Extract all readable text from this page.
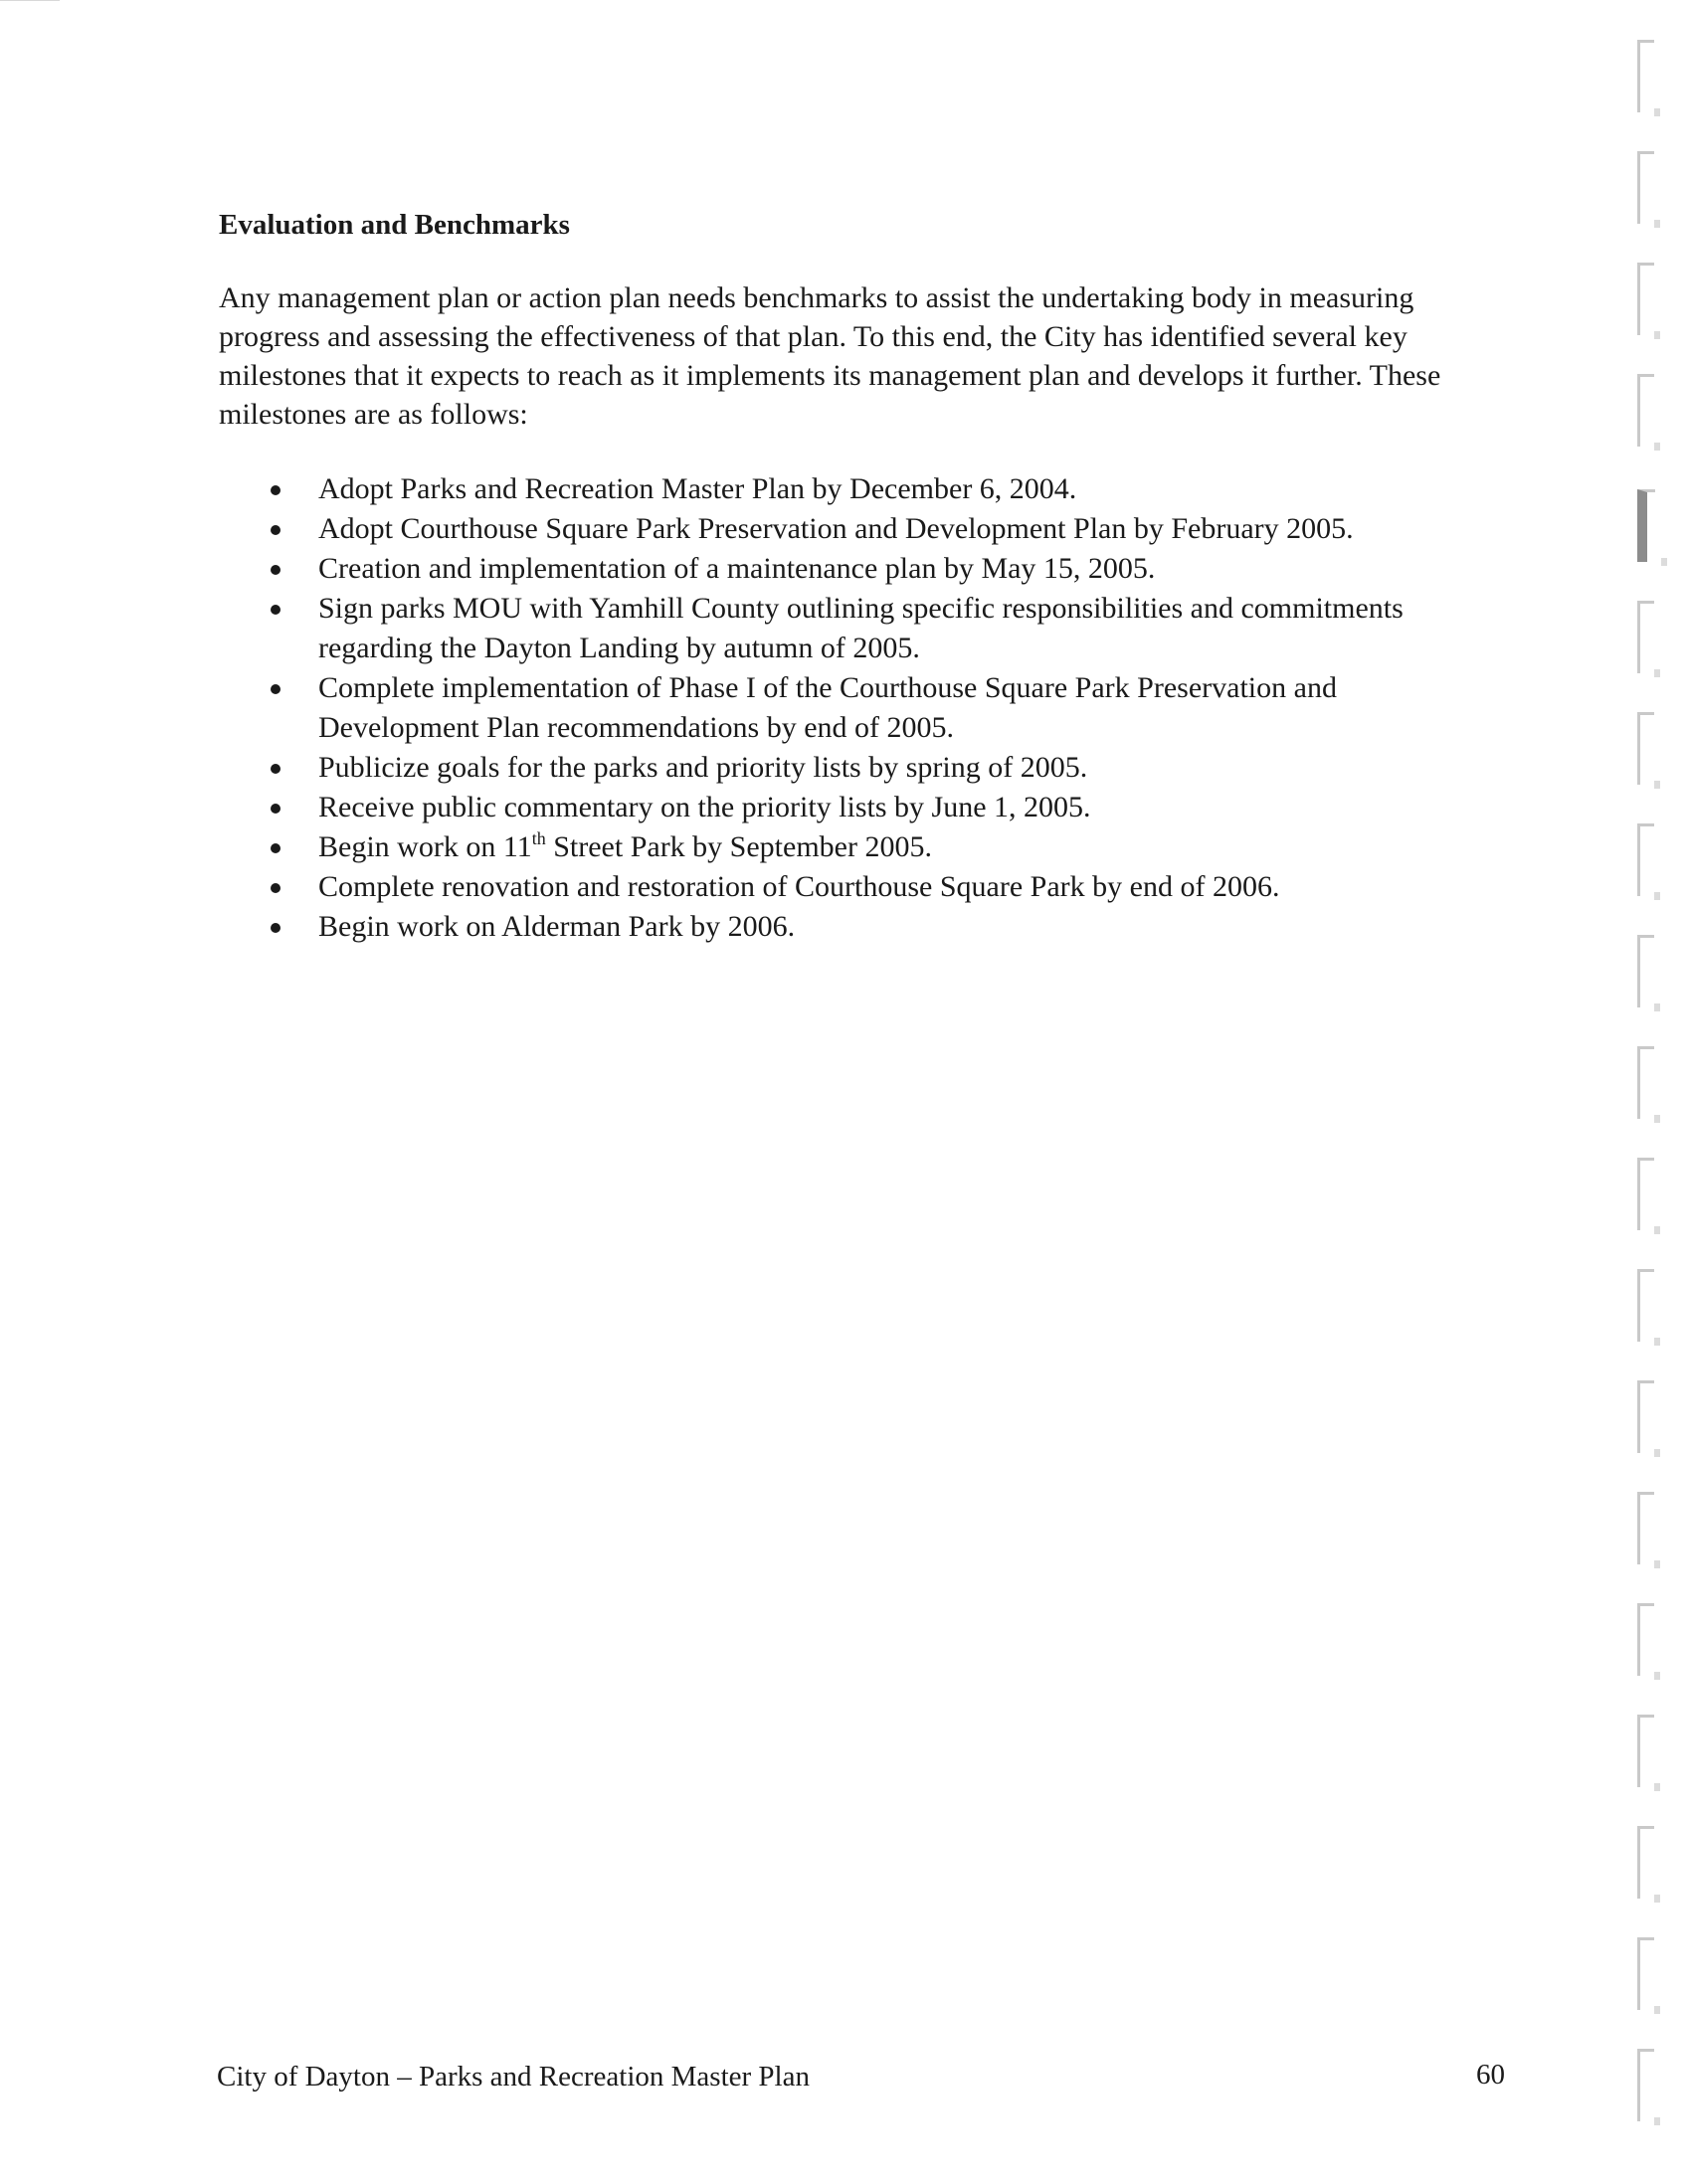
Evaluation and Benchmarks

Any management plan or action plan needs benchmarks to assist the undertaking body in measuring progress and assessing the effectiveness of that plan. To this end, the City has identified several key milestones that it expects to reach as it implements its management plan and develops it further. These milestones are as follows:

Adopt Parks and Recreation Master Plan by December 6, 2004.
Adopt Courthouse Square Park Preservation and Development Plan by February 2005.
Creation and implementation of a maintenance plan by May 15, 2005.
Sign parks MOU with Yamhill County outlining specific responsibilities and commitments regarding the Dayton Landing by autumn of 2005.
Complete implementation of Phase I of the Courthouse Square Park Preservation and Development Plan recommendations by end of 2005.
Publicize goals for the parks and priority lists by spring of 2005.
Receive public commentary on the priority lists by June 1, 2005.
Begin work on 11th Street Park by September 2005.
Complete renovation and restoration of Courthouse Square Park by end of 2006.
Begin work on Alderman Park by 2006.
City of Dayton – Parks and Recreation Master Plan	60
